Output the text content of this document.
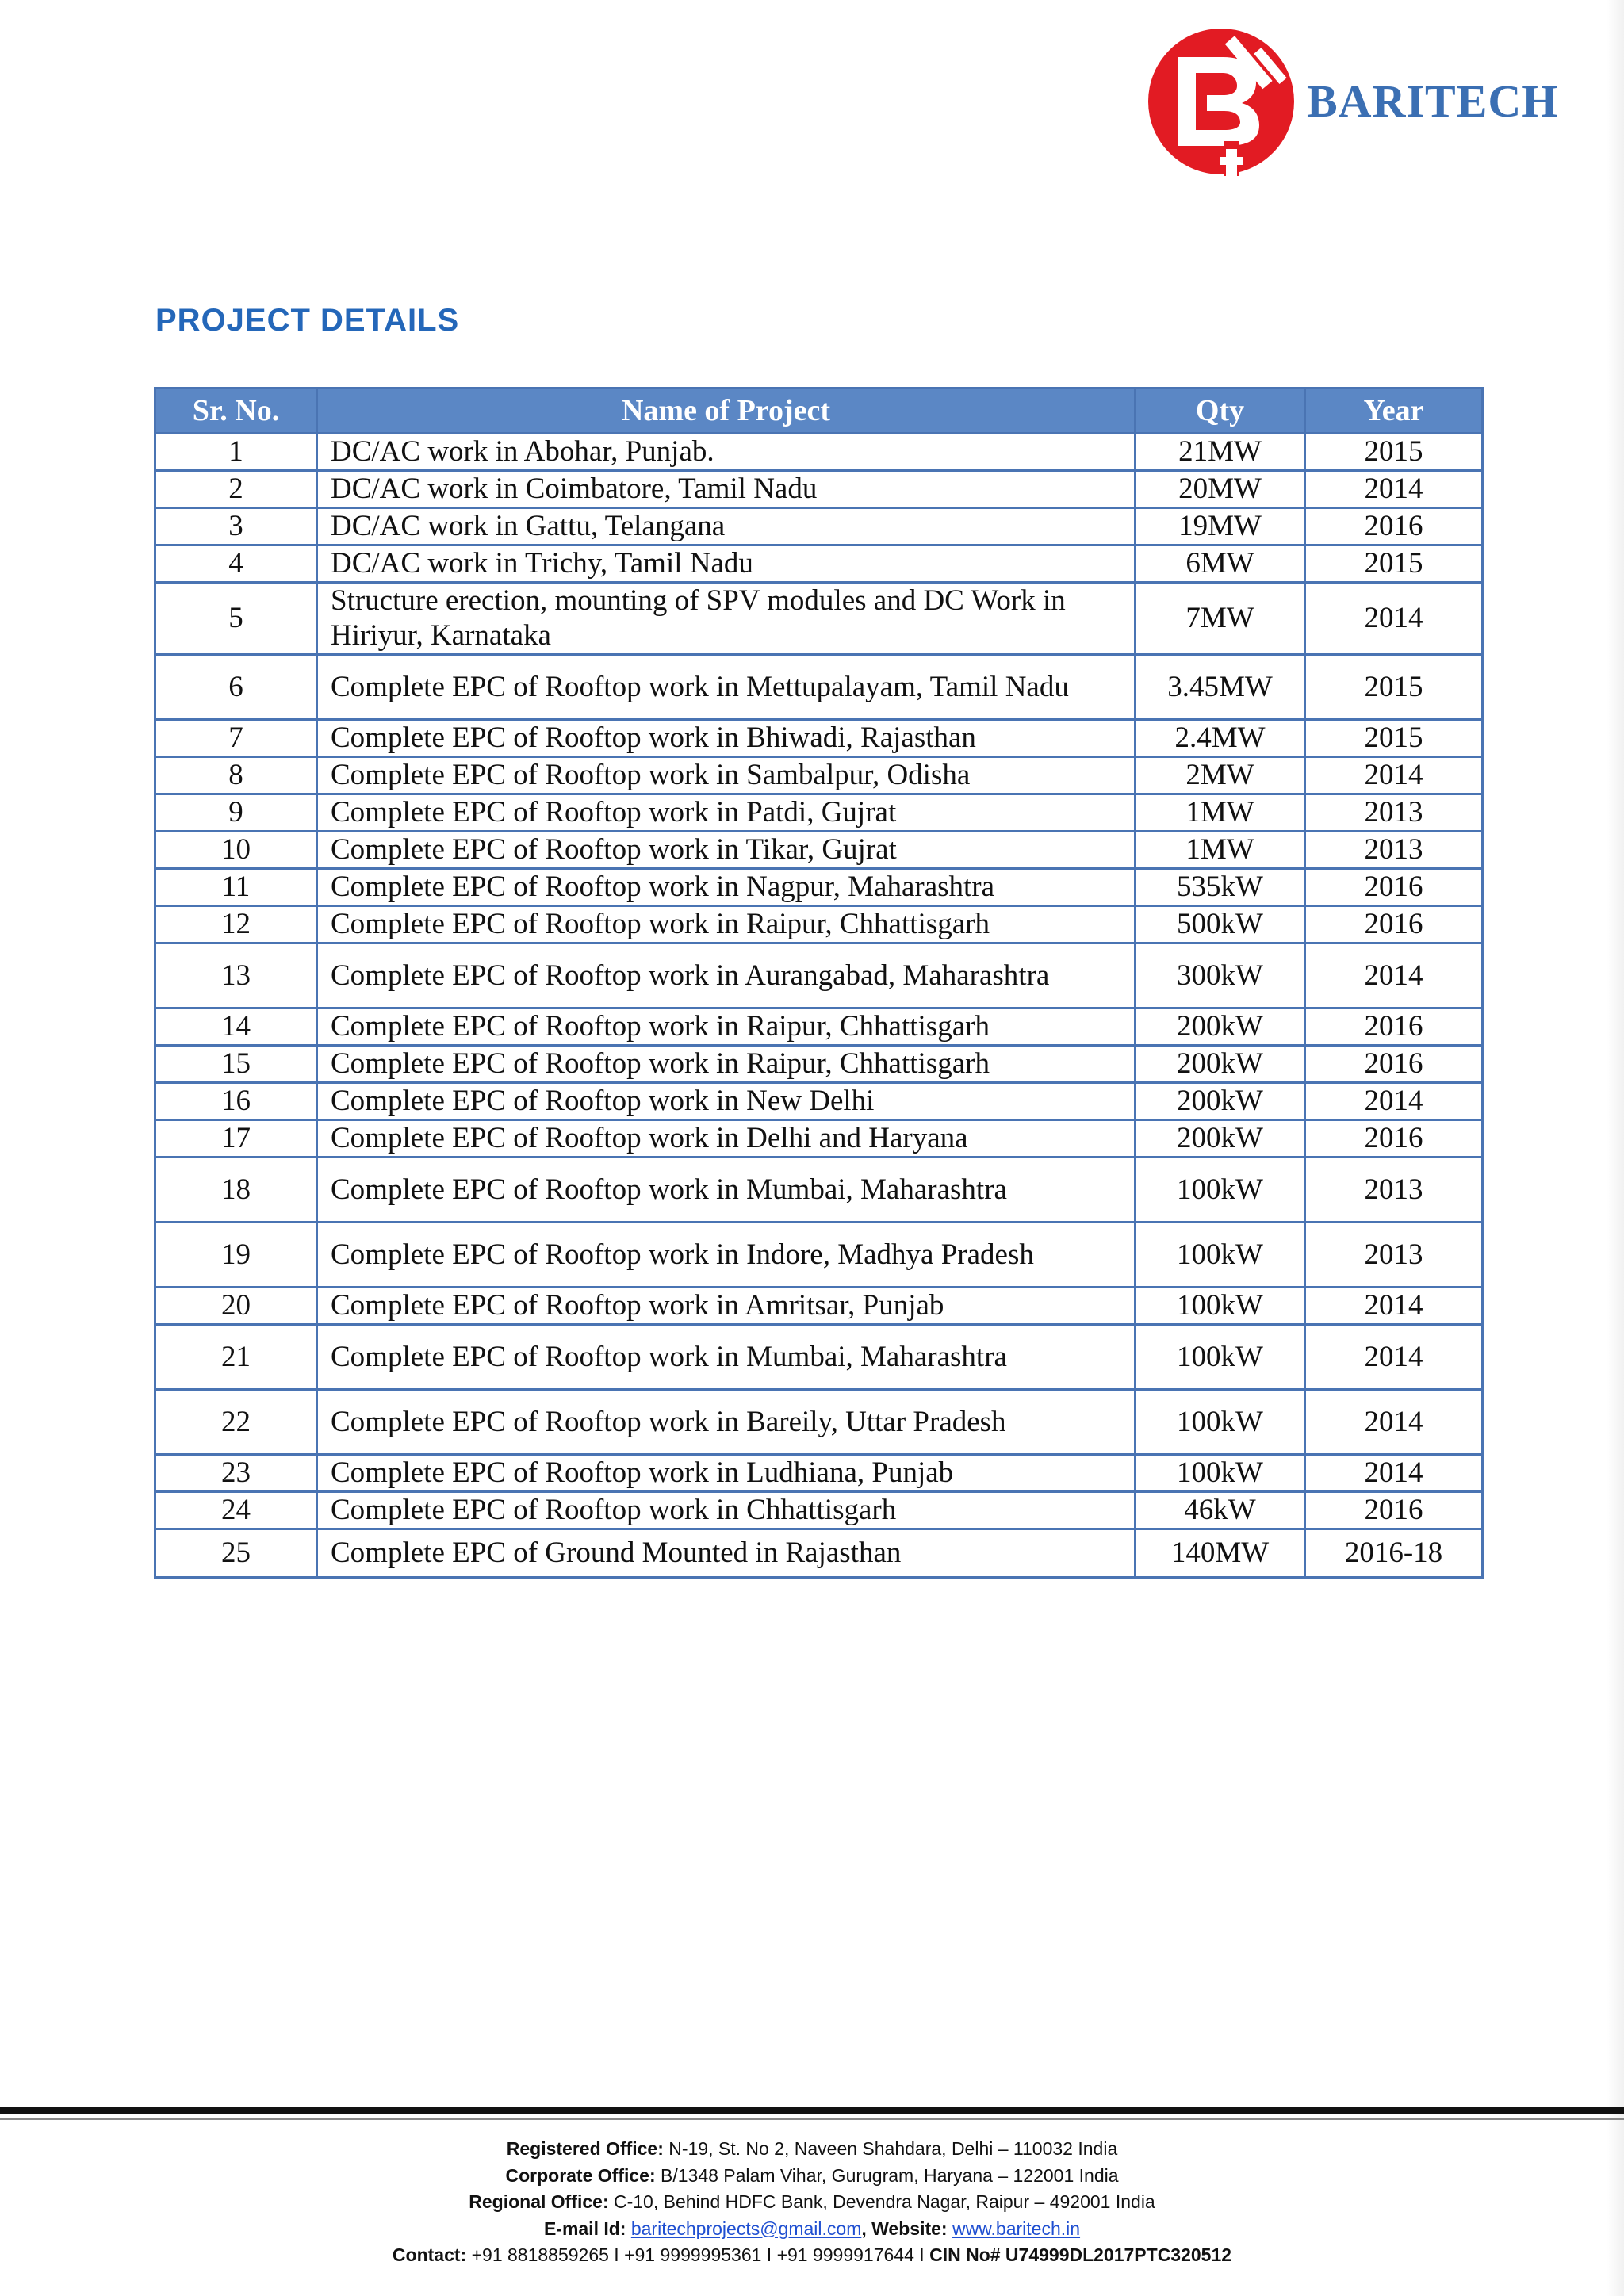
BARITECH
PROJECT DETAILS
Sr. No.	Name of Project	Qty	Year
1	DC/AC work in Abohar, Punjab.	21MW	2015
2	DC/AC work in Coimbatore, Tamil Nadu	20MW	2014
3	DC/AC work in Gattu, Telangana	19MW	2016
4	DC/AC work in Trichy, Tamil Nadu	6MW	2015
5	Structure erection, mounting of SPV modules and DC Work in Hiriyur, Karnataka	7MW	2014
6	Complete EPC of Rooftop work in Mettupalayam, Tamil Nadu	3.45MW	2015
7	Complete EPC of Rooftop work in Bhiwadi, Rajasthan	2.4MW	2015
8	Complete EPC of Rooftop work in Sambalpur, Odisha	2MW	2014
9	Complete EPC of Rooftop work in Patdi, Gujrat	1MW	2013
10	Complete EPC of Rooftop work in Tikar, Gujrat	1MW	2013
11	Complete EPC of Rooftop work in Nagpur, Maharashtra	535kW	2016
12	Complete EPC of Rooftop work in Raipur, Chhattisgarh	500kW	2016
13	Complete EPC of Rooftop work in Aurangabad, Maharashtra	300kW	2014
14	Complete EPC of Rooftop work in Raipur, Chhattisgarh	200kW	2016
15	Complete EPC of Rooftop work in Raipur, Chhattisgarh	200kW	2016
16	Complete EPC of Rooftop work in New Delhi	200kW	2014
17	Complete EPC of Rooftop work in Delhi and Haryana	200kW	2016
18	Complete EPC of Rooftop work in Mumbai, Maharashtra	100kW	2013
19	Complete EPC of Rooftop work in Indore, Madhya Pradesh	100kW	2013
20	Complete EPC of Rooftop work in Amritsar, Punjab	100kW	2014
21	Complete EPC of Rooftop work in Mumbai, Maharashtra	100kW	2014
22	Complete EPC of Rooftop work in Bareily, Uttar Pradesh	100kW	2014
23	Complete EPC of Rooftop work in Ludhiana, Punjab	100kW	2014
24	Complete EPC of Rooftop work in Chhattisgarh	46kW	2016
25	Complete EPC of Ground Mounted in Rajasthan	140MW	2016-18
Registered Office: N-19, St. No 2, Naveen Shahdara, Delhi – 110032 India
Corporate Office: B/1348 Palam Vihar, Gurugram, Haryana – 122001 India
Regional Office: C-10, Behind HDFC Bank, Devendra Nagar, Raipur – 492001 India
E-mail Id: baritechprojects@gmail.com, Website: www.baritech.in
Contact: +91 8818859265 I +91 9999995361 I +91 9999917644 I CIN No# U74999DL2017PTC320512
